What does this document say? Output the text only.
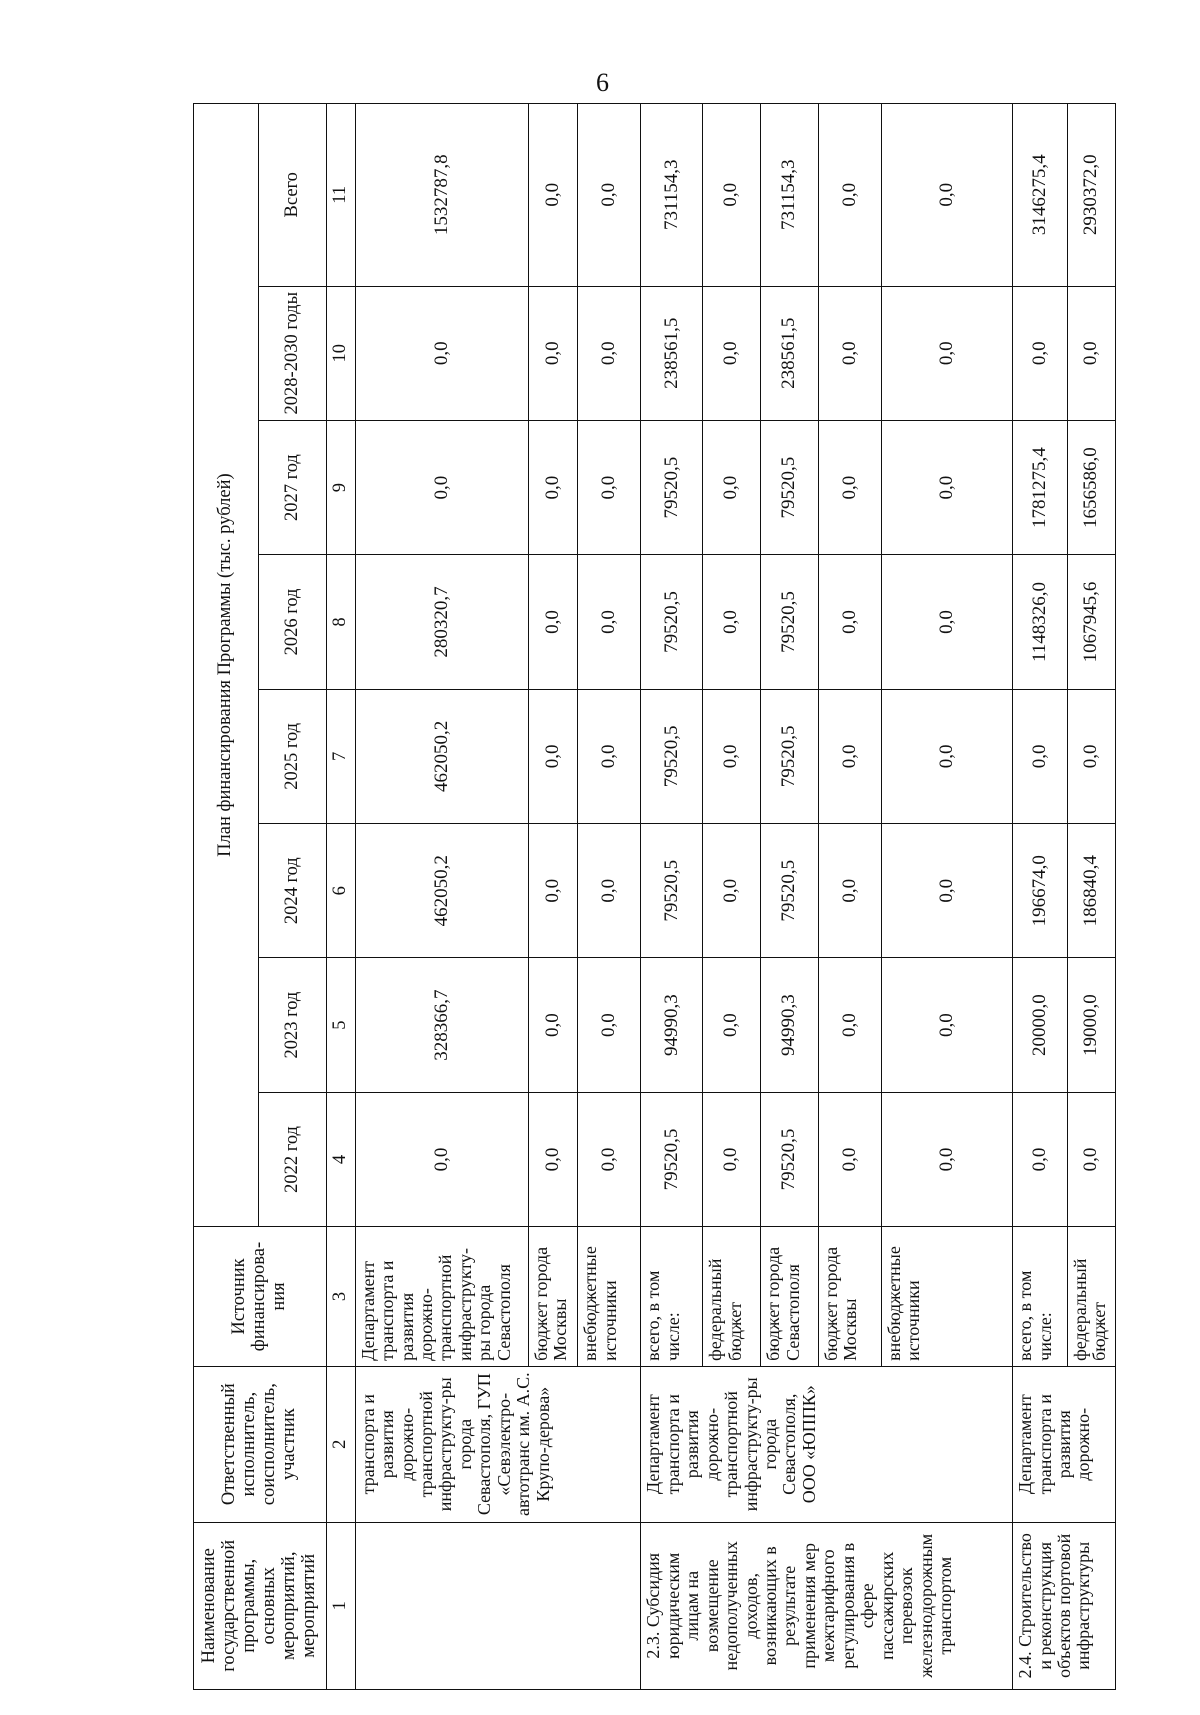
6
Наименование государственной программы, основных мероприятий, мероприятий	Ответственный исполнитель, соисполнитель, участник	Источник финансирова-ния	План финансирования Программы (тыс. рублей)							
			2022 год	2023 год	2024 год	2025 год	2026 год	2027 год	2028-2030 годы	Всего
1	2	3	4	5	6	7	8	9	10	11
	транспорта и развития дорожно-транспортной инфраструкту-ры города Севастополя, ГУП «Севэлектро-автотранс им. А.С. Крупо-дерова»	Департамент транспорта и развития дорожно-транспортной инфраструкту-ры города Севастополя	0,0	328366,7	462050,2	462050,2	280320,7	0,0	0,0	1532787,8
		бюджет города Москвы	0,0	0,0	0,0	0,0	0,0	0,0	0,0	0,0
		внебюджетные источники	0,0	0,0	0,0	0,0	0,0	0,0	0,0	0,0
2.3. Субсидия юридическим лицам на возмещение недополученных доходов, возникающих в результате применения мер межтарифного регулирования в сфере пассажирских перевозок железнодорожным транспортом	Департамент транспорта и развития дорожно-транспортной инфраструкту-ры города Севастополя, ООО «ЮППК»	всего, в том числе:	79520,5	94990,3	79520,5	79520,5	79520,5	79520,5	238561,5	731154,3
		федеральный бюджет	0,0	0,0	0,0	0,0	0,0	0,0	0,0	0,0
		бюджет города Севастополя	79520,5	94990,3	79520,5	79520,5	79520,5	79520,5	238561,5	731154,3
		бюджет города Москвы	0,0	0,0	0,0	0,0	0,0	0,0	0,0	0,0
		внебюджетные источники	0,0	0,0	0,0	0,0	0,0	0,0	0,0	0,0
2.4. Строительство и реконструкция объектов портовой инфраструктуры	Департамент транспорта и развития дорожно-	всего, в том числе:	0,0	20000,0	196674,0	0,0	1148326,0	1781275,4	0,0	3146275,4
		федеральный бюджет	0,0	19000,0	186840,4	0,0	1067945,6	1656586,0	0,0	2930372,0
